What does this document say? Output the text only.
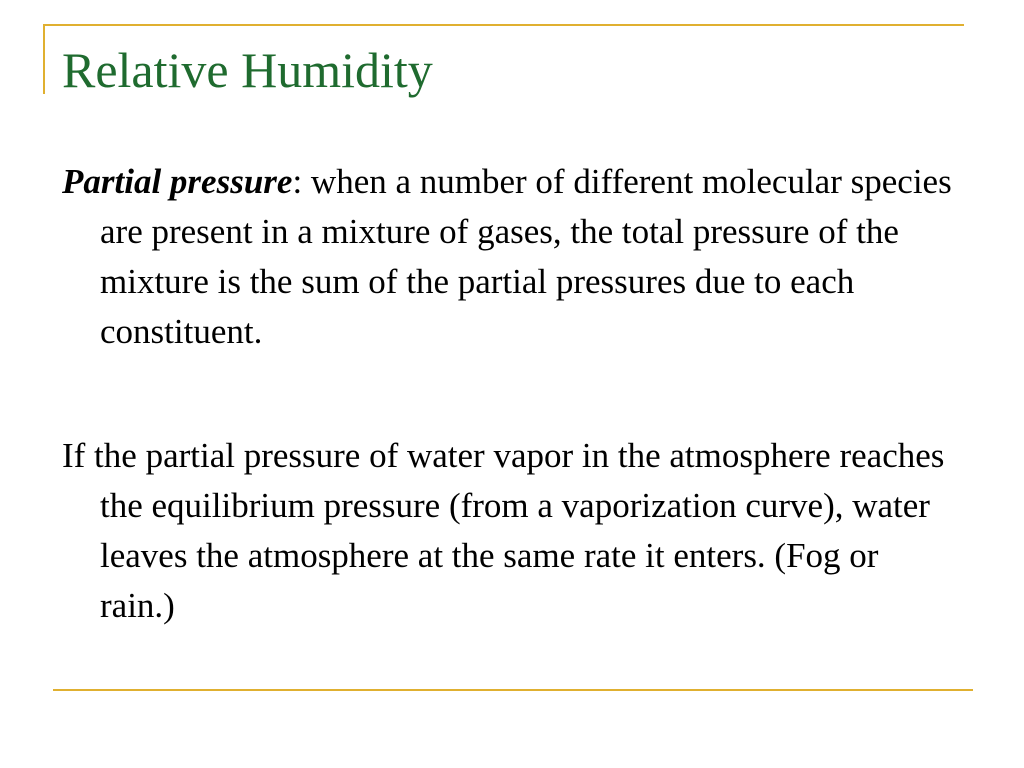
Relative Humidity

Partial pressure: when a number of different molecular species are present in a mixture of gases, the total pressure of the mixture is the sum of the partial pressures due to each constituent.

If the partial pressure of water vapor in the atmosphere reaches the equilibrium pressure (from a vaporization curve), water leaves the atmosphere at the same rate it enters. (Fog or rain.)
